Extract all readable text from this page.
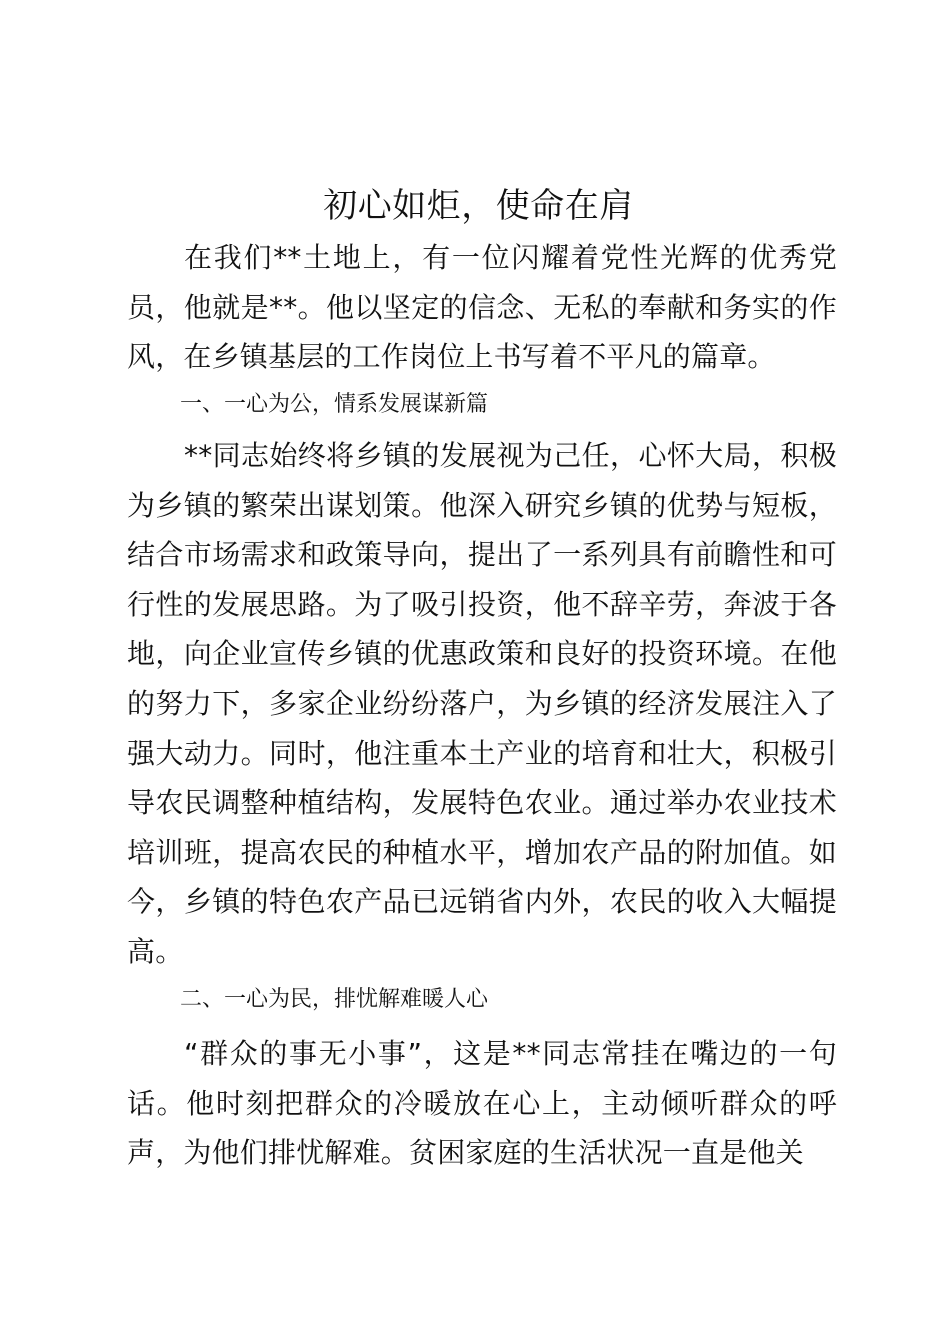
初心如炬，使命在肩

在我们**土地上，有一位闪耀着党性光辉的优秀党员，他就是**。他以坚定的信念、无私的奉献和务实的作风，在乡镇基层的工作岗位上书写着不平凡的篇章。

一、一心为公，情系发展谋新篇

**同志始终将乡镇的发展视为己任，心怀大局，积极为乡镇的繁荣出谋划策。他深入研究乡镇的优势与短板，结合市场需求和政策导向，提出了一系列具有前瞻性和可行性的发展思路。为了吸引投资，他不辞辛劳，奔波于各地，向企业宣传乡镇的优惠政策和良好的投资环境。在他的努力下，多家企业纷纷落户，为乡镇的经济发展注入了强大动力。同时，他注重本土产业的培育和壮大，积极引导农民调整种植结构，发展特色农业。通过举办农业技术培训班，提高农民的种植水平，增加农产品的附加值。如今，乡镇的特色农产品已远销省内外，农民的收入大幅提高。

二、一心为民，排忧解难暖人心

“群众的事无小事”，这是**同志常挂在嘴边的一句话。他时刻把群众的冷暖放在心上，主动倾听群众的呼声，为他们排忧解难。贫困家庭的生活状况一直是他关
